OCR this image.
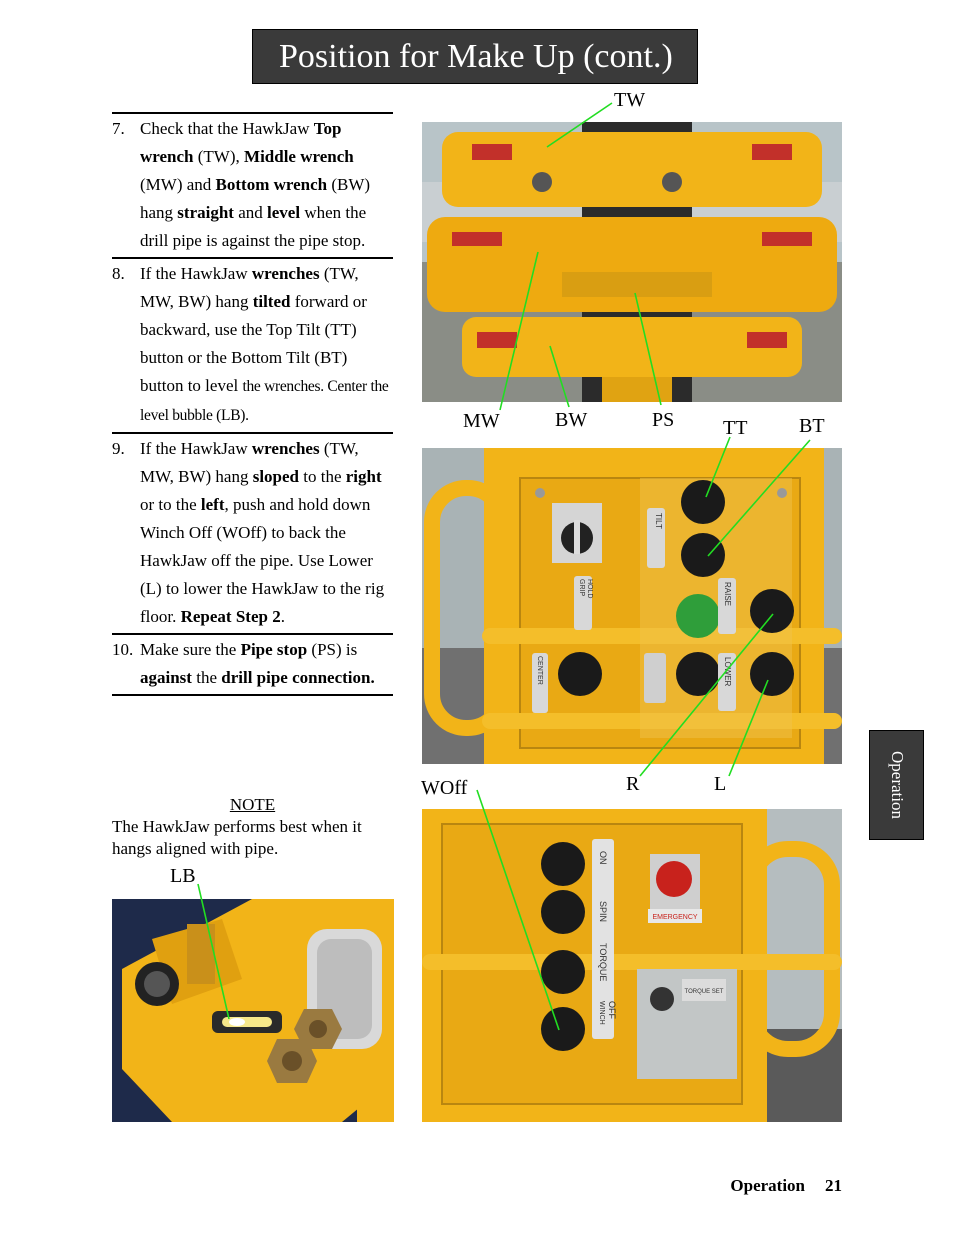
Position for Make Up (cont.)
7. Check that the HawkJaw Top wrench (TW), Middle wrench (MW) and Bottom wrench (BW) hang straight and level when the drill pipe is against the pipe stop.
8. If the HawkJaw wrenches (TW, MW, BW) hang tilted forward or backward, use the Top Tilt (TT) button or the Bottom Tilt (BT) button to level the wrenches. Center the level bubble (LB).
9. If the HawkJaw wrenches (TW, MW, BW) hang sloped to the right or to the left, push and hold down Winch Off (WOff) to back the HawkJaw off the pipe. Use Lower (L) to lower the HawkJaw to the rig floor. Repeat Step 2.
10. Make sure the Pipe stop (PS) is against the drill pipe connection.
NOTE
The HawkJaw performs best when it hangs aligned with pipe.
TILT
GRIP HOLD	RAISE
CENTER	LOWER
ON
SPIN
TORQUE
WINCH OFF
EMERGENCY
TORQUE SET
TW
MW	BW	PS TT	BT
R	L
WOff
LB
Operation
Operation 21
